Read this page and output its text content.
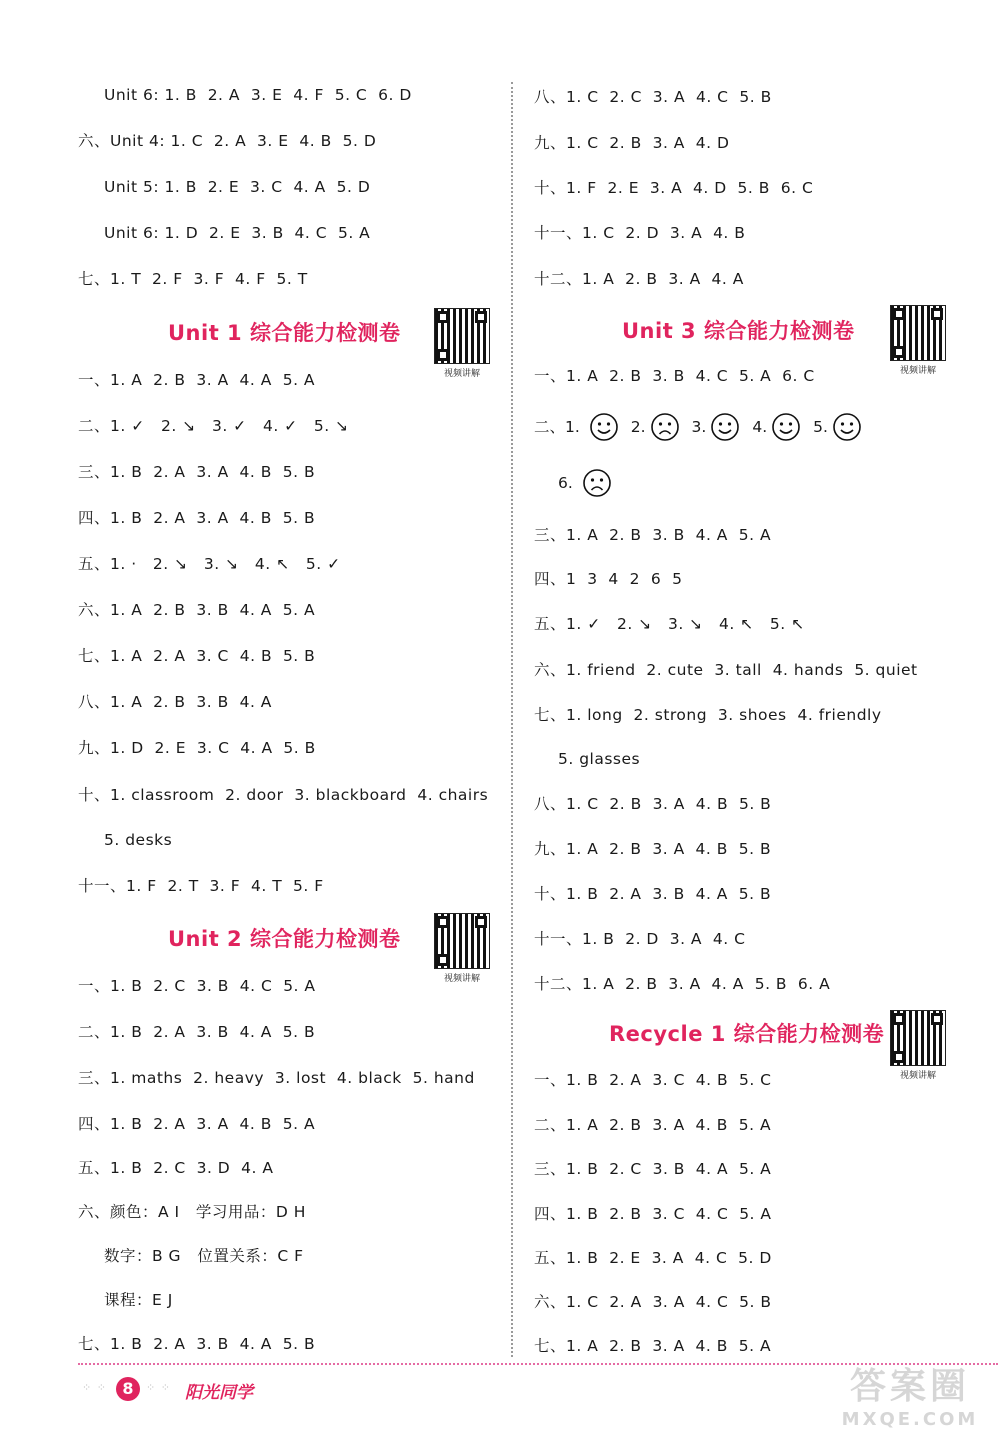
Unit 6: 1. B  2. A  3. E  4. F  5. C  6. D
六、Unit 4: 1. C  2. A  3. E  4. B  5. D
Unit 5: 1. B  2. E  3. C  4. A  5. D
Unit 6: 1. D  2. E  3. B  4. C  5. A
七、1. T  2. F  3. F  4. F  5. T
Unit 1 综合能力检测卷
视频讲解
一、1. A  2. B  3. A  4. A  5. A
二、1. ✓   2. ↘   3. ✓   4. ✓   5. ↘
三、1. B  2. A  3. A  4. B  5. B
四、1. B  2. A  3. A  4. B  5. B
五、1. ·   2. ↘   3. ↘   4. ↖   5. ✓
六、1. A  2. B  3. B  4. A  5. A
七、1. A  2. A  3. C  4. B  5. B
八、1. A  2. B  3. B  4. A
九、1. D  2. E  3. C  4. A  5. B
十、1. classroom  2. door  3. blackboard  4. chairs
5. desks
十一、1. F  2. T  3. F  4. T  5. F
Unit 2 综合能力检测卷
视频讲解
一、1. B  2. C  3. B  4. C  5. A
二、1. B  2. A  3. B  4. A  5. B
三、1. maths  2. heavy  3. lost  4. black  5. hand
四、1. B  2. A  3. A  4. B  5. A
五、1. B  2. C  3. D  4. A
六、颜色：A I   学习用品：D H
数字：B G   位置关系：C F
课程：E J
七、1. B  2. A  3. B  4. A  5. B
八、1. C  2. C  3. A  4. C  5. B
九、1. C  2. B  3. A  4. D
十、1. F  2. E  3. A  4. D  5. B  6. C
十一、1. C  2. D  3. A  4. B
十二、1. A  2. B  3. A  4. A
Unit 3 综合能力检测卷
视频讲解
一、1. A  2. B  3. B  4. C  5. A  6. C
二、1.	2.	3.	4.	5.
6.
三、1. A  2. B  3. B  4. A  5. A
四、1  3  4  2  6  5
五、1. ✓   2. ↘   3. ↘   4. ↖   5. ↖
六、1. friend  2. cute  3. tall  4. hands  5. quiet
七、1. long  2. strong  3. shoes  4. friendly
5. glasses
八、1. C  2. B  3. A  4. B  5. B
九、1. A  2. B  3. A  4. B  5. B
十、1. B  2. A  3. B  4. A  5. B
十一、1. B  2. D  3. A  4. C
十二、1. A  2. B  3. A  4. A  5. B  6. A
Recycle 1 综合能力检测卷
视频讲解
一、1. B  2. A  3. C  4. B  5. C
二、1. A  2. B  3. A  4. B  5. A
三、1. B  2. C  3. B  4. A  5. A
四、1. B  2. B  3. C  4. C  5. A
五、1. B  2. E  3. A  4. C  5. D
六、1. C  2. A  3. A  4. C  5. B
七、1. A  2. B  3. A  4. B  5. A
⁘ ⁘ 8	⁘ ⁘ 阳光同学	答案圈
MXQE.COM
